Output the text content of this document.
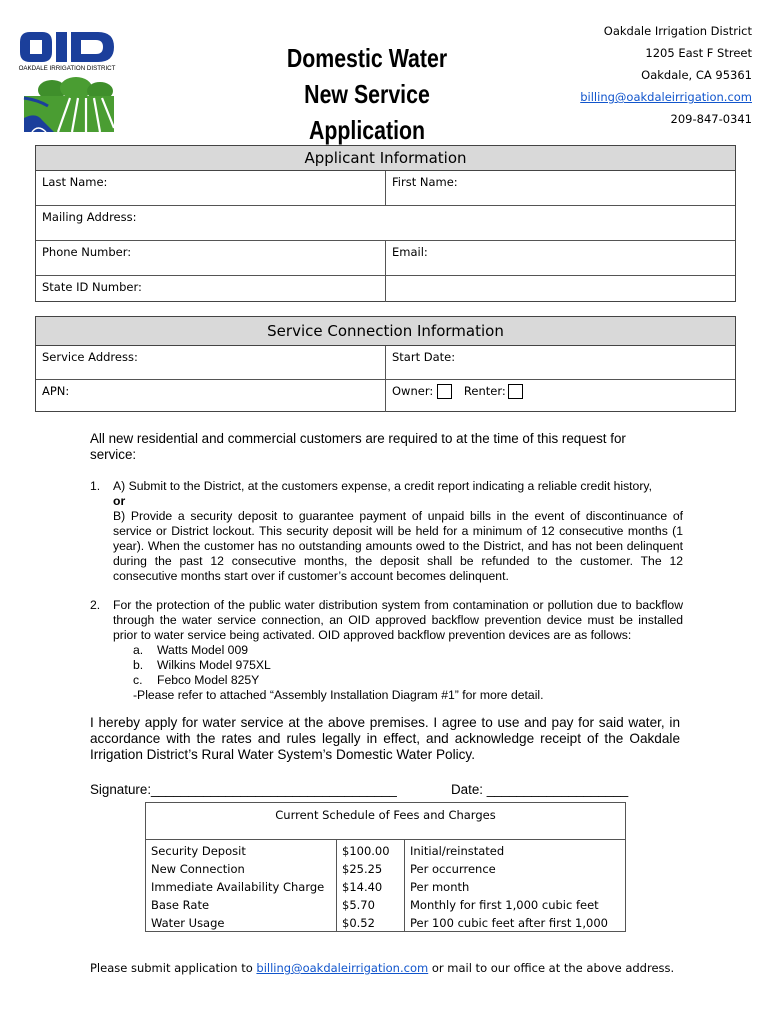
OAKDALE IRRIGATION DISTRICT	Domestic Water
New Service Application
Oakdale Irrigation District
1205 East F Street
Oakdale, CA 95361
billing@oakdaleirrigation.com
209-847-0341
Applicant Information
Last Name:	First Name:
Mailing Address:
Phone Number:	Email:
State ID Number:
Service Connection Information
Service Address:	Start Date:
APN:	Owner:	Renter:
All new residential and commercial customers are required to at the time of this request for service:
1. A) Submit to the District, at the customers expense, a credit report indicating a reliable credit history,
or
B) Provide a security deposit to guarantee payment of unpaid bills in the event of discontinuance of service or District lockout. This security deposit will be held for a minimum of 12 consecutive months (1 year). When the customer has no outstanding amounts owed to the District, and has not been delinquent during the past 12 consecutive months, the deposit shall be refunded to the customer. The 12 consecutive months start over if customer’s account becomes delinquent.
2. For the protection of the public water distribution system from contamination or pollution due to backflow through the water service connection, an OID approved backflow prevention device must be installed prior to water service being activated. OID approved backflow prevention devices are as follows:
a. Watts Model 009
b. Wilkins Model 975XL
c. Febco Model 825Y
-Please refer to attached “Assembly Installation Diagram #1” for more detail.
I hereby apply for water service at the above premises. I agree to use and pay for said water, in accordance with the rates and rules legally in effect, and acknowledge receipt of the Oakdale Irrigation District’s Rural Water System’s Domestic Water Policy.
Signature:_________________________________	Date: ___________________
Current Schedule of Fees and Charges
Security Deposit	$100.00	Initial/reinstated
New Connection	$25.25	Per occurrence
Immediate Availability Charge	$14.40	Per month
Base Rate	$5.70	Monthly for first 1,000 cubic feet
Water Usage	$0.52	Per 100 cubic feet after first 1,000
Please submit application to billing@oakdaleirrigation.com or mail to our office at the above address.
